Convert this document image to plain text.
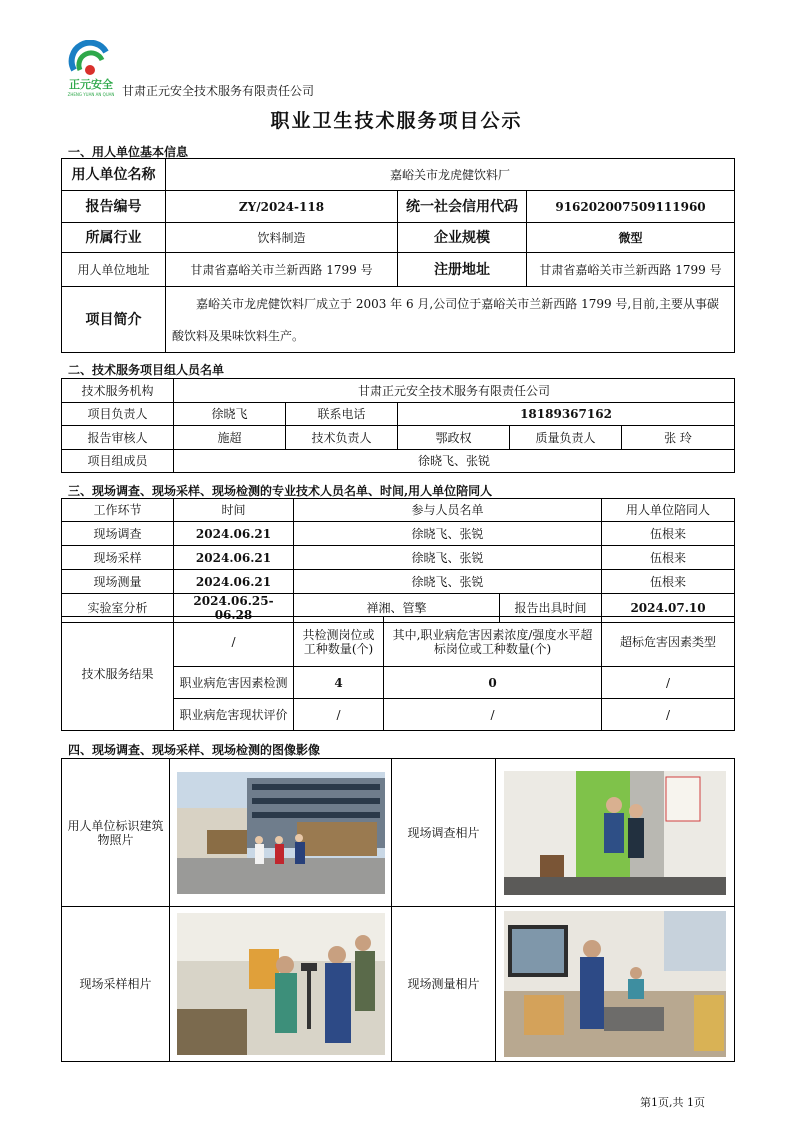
正元安全
ZHENG YUAN AN QUAN 甘肃正元安全技术服务有限责任公司
职业卫生技术服务项目公示
一、用人单位基本信息
用人单位名称	嘉峪关市龙虎健饮料厂		
报告编号	ZY/2024-118	统一社会信用代码	916202007509111960
所属行业	饮料制造	企业规模	微型
用人单位地址	甘肃省嘉峪关市兰新西路 1799 号	注册地址	甘肃省嘉峪关市兰新西路 1799 号
项目简介	嘉峪关市龙虎健饮料厂成立于 2003 年 6 月,公司位于嘉峪关市兰新西路 1799 号,目前,主要从事碳酸饮料及果味饮料生产。		
二、技术服务项目组人员名单
技术服务机构	甘肃正元安全技术服务有限责任公司				
项目负责人	徐晓飞	联系电话	18189367162		
报告审核人	施超	技术负责人	鄂政权	质量负责人	张 玲
项目组成员	徐晓飞、张锐				
三、现场调查、现场采样、现场检测的专业技术人员名单、时间,用人单位陪同人
工作环节	时间	参与人员名单		用人单位陪同人
现场调查	2024.06.21	徐晓飞、张锐		伍根来
现场采样	2024.06.21	徐晓飞、张锐		伍根来
现场测量	2024.06.21	徐晓飞、张锐		伍根来
实验室分析	2024.06.25-06.28	禅湘、管擎	报告出具时间	2024.07.10
技术服务结果	/	共检测岗位或工种数量(个)	其中,职业病危害因素浓度/强度水平超标岗位或工种数量(个)	超标危害因素类型
	职业病危害因素检测	4	0	/
	职业病危害现状评价	/	/	/
四、现场调查、现场采样、现场检测的图像影像
用人单位标识建筑物照片		现场调查相片	

现场采样相片		现场测量相片	
第1页,共 1页
